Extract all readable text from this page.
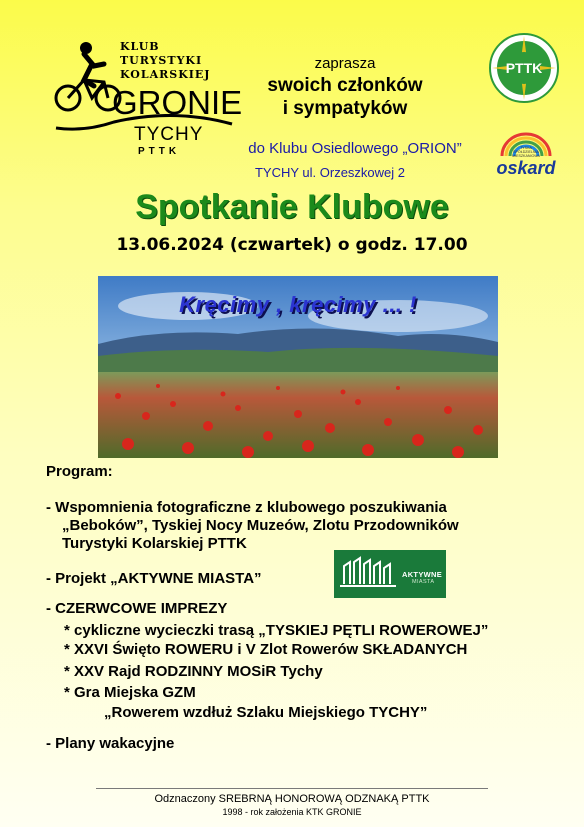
KLUB
TURYSTYKI
KOLARSKIEJ
GRONIE
TYCHY
PTTK
zaprasza
swoich członków
i sympatyków
do Klubu Osiedlowego „ORION”
TYCHY ul. Orzeszkowej 2
PTTK
TYSKA
SPÓŁDZIELNIA
MIESZKANIOWA
oskard
Spotkanie Klubowe
13.06.2024 (czwartek) o godz. 17.00
Kręcimy , kręcimy ... !
Program:
- Wspomnienia fotograficzne z klubowego poszukiwania
„Beboków”, Tyskiej Nocy Muzeów, Zlotu Przodowników
Turystyki Kolarskiej PTTK
- Projekt „AKTYWNE MIASTA”	AKTYWNE
MIASTA
- CZERWCOWE IMPREZY
* cykliczne wycieczki trasą „TYSKIEJ PĘTLI ROWEROWEJ”
* XXVI Święto ROWERU i V Zlot Rowerów SKŁADANYCH
* XXV Rajd RODZINNY MOSiR Tychy
* Gra Miejska GZM
„Rowerem wzdłuż Szlaku Miejskiego TYCHY”
- Plany wakacyjne
Odznaczony SREBRNĄ HONOROWĄ ODZNAKĄ PTTK
1998 - rok założenia KTK GRONIE
